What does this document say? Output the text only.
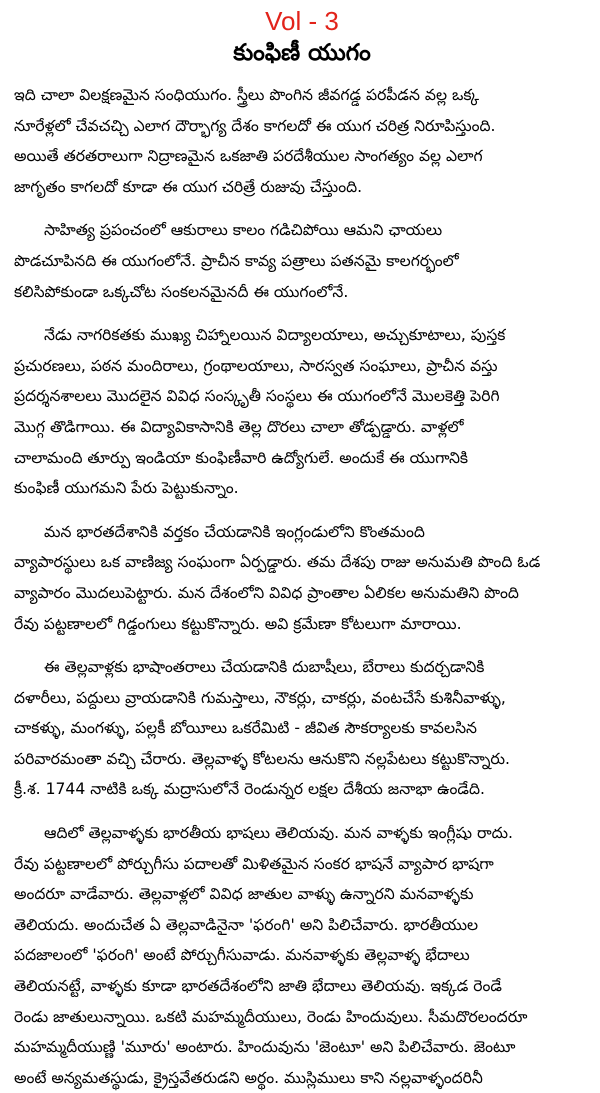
Vol - 3
కుంఫిణీ యుగం
ఇది చాలా విలక్షణమైన సంధియుగం. స్త్రీలు పొంగిన జీవగడ్డ పరపీడన వల్ల ఒక్క
నూరేళ్లలో చేవచచ్చి ఎలాగ దౌర్భాగ్య దేశం కాగలదో ఈ యుగ చరిత్ర నిరూపిస్తుంది.
అయితే తరతరాలుగా నిద్రాణమైన ఒకజాతి పరదేశీయుల సాంగత్యం వల్ల ఎలాగ
జాగృతం కాగలదో కూడా ఈ యుగ చరిత్రే రుజువు చేస్తుంది.
సాహిత్య ప్రపంచంలో ఆకురాలు కాలం గడిచిపోయి ఆమని ఛాయలు
పొడచూపినది ఈ యుగంలోనే. ప్రాచీన కావ్య పత్రాలు పతనమై కాలగర్భంలో
కలిసిపోకుండా ఒక్కచోట సంకలనమైనదీ ఈ యుగంలోనే.
నేడు నాగరికతకు ముఖ్య చిహ్నాలయిన విద్యాలయాలు, అచ్చుకూటాలు, పుస్తక
ప్రచురణలు, పఠన మందిరాలు, గ్రంథాలయాలు, సారస్వత సంఘాలు, ప్రాచీన వస్తు
ప్రదర్శనశాలలు మొదలైన వివిధ సంస్కృతీ సంస్థలు ఈ యుగంలోనే మొలకెత్తి పెరిగి
మొగ్గ తొడిగాయి. ఈ విద్యావికాసానికి తెల్ల దొరలు చాలా తోడ్పడ్డారు. వాళ్లలో
చాలామంది తూర్పు ఇండియా కుంఫిణీవారి ఉద్యోగులే. అందుకే ఈ యుగానికి
కుంఫిణీ యుగమని పేరు పెట్టుకున్నాం.
మన భారతదేశానికి వర్తకం చేయడానికి ఇంగ్లండులోని కొంతమంది
వ్యాపారస్థులు ఒక వాణిజ్య సంఘంగా ఏర్పడ్డారు. తమ దేశపు రాజు అనుమతి పొంది ఓడ
వ్యాపారం మొదలుపెట్టారు. మన దేశంలోని వివిధ ప్రాంతాల ఏలికల అనుమతిని పొంది
రేవు పట్టణాలలో గిడ్డంగులు కట్టుకొన్నారు. అవి క్రమేణా కోటలుగా మారాయి.
ఈ తెల్లవాళ్లకు భాషాంతరాలు చేయడానికి దుబాషీలు, బేరాలు కుదర్చడానికి
దళారీలు, పద్దులు వ్రాయడానికి గుమస్తాలు, నౌకర్లు, చాకర్లు, వంటచేసే కుశినీవాళ్ళు,
చాకళ్ళు, మంగళ్ళు, పల్లకీ బోయీలు ఒకరేమిటి - జీవిత సౌకర్యాలకు కావలసిన
పరివారమంతా వచ్చి చేరారు. తెల్లవాళ్ళ కోటలను ఆనుకొని నల్లపేటలు కట్టుకొన్నారు.
క్రీ.శ. 1744 నాటికి ఒక్క మద్రాసులోనే రెండున్నర లక్షల దేశీయ జనాభా ఉండేది.
ఆదిలో తెల్లవాళ్ళకు భారతీయ భాషలు తెలియవు. మన వాళ్ళకు ఇంగ్లీషు రాదు.
రేవు పట్టణాలలో పోర్చుగీసు పదాలతో మిళితమైన సంకర భాషనే వ్యాపార భాషగా
అందరూ వాడేవారు. తెల్లవాళ్లలో వివిధ జాతుల వాళ్ళు ఉన్నారని మనవాళ్ళకు
తెలియదు. అందుచేత ఏ తెల్లవాడినైనా 'ఫరంగి' అని పిలిచేవారు. భారతీయుల
పదజాలంలో 'ఫరంగి' అంటే పోర్చుగీసువాడు. మనవాళ్ళకు తెల్లవాళ్ళ భేదాలు
తెలియనట్టే, వాళ్ళకు కూడా భారతదేశంలోని జాతి భేదాలు తెలియవు. ఇక్కడ రెండే
రెండు జాతులున్నాయి. ఒకటి మహమ్మదీయులు, రెండు హిందువులు. సీమదొరలందరూ
మహమ్మదీయుణ్ణి 'మూరు' అంటారు. హిందువును 'జెంటూ' అని పిలిచేవారు. జెంటూ
అంటే అన్యమతస్థుడు, క్రైస్తవేతరుడని అర్థం. ముస్లిములు కాని నల్లవాళ్ళందరినీ
